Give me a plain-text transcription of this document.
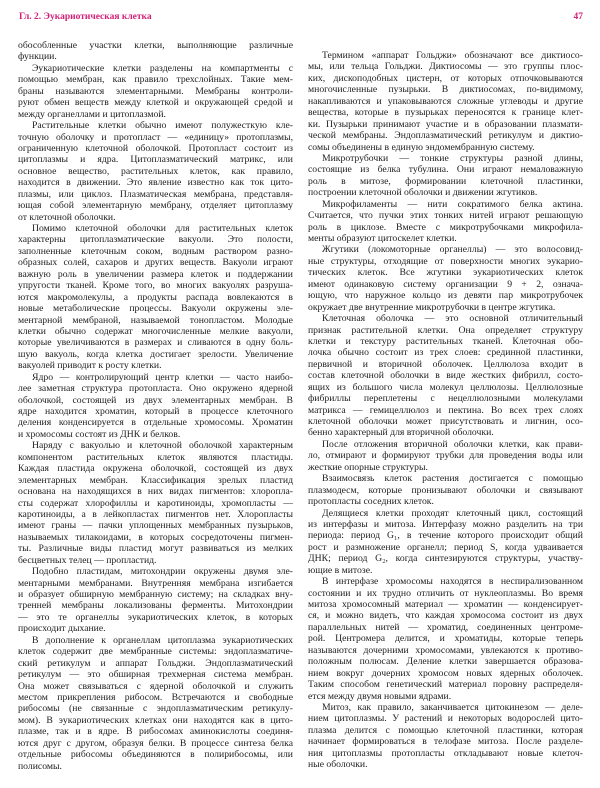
Гл. 2. Эукариотическая клетка	47
обособленные участки клетки, выполняющие различные
функции.
Эукариотические клетки разделены на компартменты с
помощью мембран, как правило трехслойных. Такие мем-
браны называются элементарными. Мембраны контроли-
руют обмен веществ между клеткой и окружающей средой и
между органеллами и цитоплазмой.
Растительные клетки обычно имеют полужесткую кле-
точную оболочку и протопласт — «единицу» протоплазмы,
ограниченную клеточной оболочкой. Протопласт состоит из
цитоплазмы и ядра. Цитоплазматический матрикс, или
основное вещество, растительных клеток, как правило,
находится в движении. Это явление известно как ток цито-
плазмы, или циклоз. Плазматическая мембрана, представля-
ющая собой элементарную мембрану, отделяет цитоплазму
от клеточной оболочки.
Помимо клеточной оболочки для растительных клеток
характерны цитоплазматические вакуоли. Это полости,
заполненные клеточным соком, водным раствором разно-
образных солей, сахаров и других веществ. Вакуоли играют
важную роль в увеличении размера клеток и поддержании
упругости тканей. Кроме того, во многих вакуолях разруша-
ются макромолекулы, а продукты распада вовлекаются в
новые метаболические процессы. Вакуоли окружены эле-
ментарной мембраной, называемой тонопластом. Молодые
клетки обычно содержат многочисленные мелкие вакуоли,
которые увеличиваются в размерах и сливаются в одну боль-
шую вакуоль, когда клетка достигает зрелости. Увеличение
вакуолей приводит к росту клетки.
Ядро — контролирующий центр клетки — часто наибо-
лее заметная структура протопласта. Оно окружено ядерной
оболочкой, состоящей из двух элементарных мембран. В
ядре находится хроматин, который в процессе клеточного
деления конденсируется в отдельные хромосомы. Хроматин
и хромосомы состоят из ДНК и белков.
Наряду с вакуолью и клеточной оболочкой характерным
компонентом растительных клеток являются пластиды.
Каждая пластида окружена оболочкой, состоящей из двух
элементарных мембран. Классификация зрелых пластид
основана на находящихся в них видах пигментов: хлоропла-
сты содержат хлорофиллы и каротиноиды, хромопласты —
каротиноиды, а в лейкопластах пигментов нет. Хлоропласты
имеют граны — пачки уплощенных мембранных пузырьков,
называемых тилакоидами, в которых сосредоточены пигмен-
ты. Различные виды пластид могут развиваться из мелких
бесцветных телец — пропластид.
Подобно пластидам, митохондрии окружены двумя эле-
ментарными мембранами. Внутренняя мембрана изгибается
и образует обширную мембранную систему; на складках вну-
тренней мембраны локализованы ферменты. Митохондрии
— это те органеллы эукариотических клеток, в которых
происходит дыхание.
В дополнение к органеллам цитоплазма эукариотических
клеток содержит две мембранные системы: эндоплазматиче-
ский ретикулум и аппарат Гольджи. Эндоплазматический
ретикулум — это обширная трехмерная система мембран.
Она может связываться с ядерной оболочкой и служить
местом прикрепления рибосом. Встречаются и свободные
рибосомы (не связанные с эндоплазматическим ретикулу-
мом). В эукариотических клетках они находятся как в цито-
плазме, так и в ядре. В рибосомах аминокислоты соединя-
ются друг с другом, образуя белки. В процессе синтеза белка
отдельные рибосомы объединяются в полирибосомы, или
полисомы.
Термином «аппарат Гольджи» обозначают все диктиосо-
мы, или тельца Гольджи. Диктиосомы — это группы плос-
ких, дископодобных цистерн, от которых отпочковываются
многочисленные пузырьки. В диктиосомах, по-видимому,
накапливаются и упаковываются сложные углеводы и другие
вещества, которые в пузырьках переносятся к границе клет-
ки. Пузырьки принимают участие и в образовании плазмати-
ческой мембраны. Эндоплазматический ретикулум и диктио-
сомы объединены в единую эндомембранную систему.
Микротрубочки — тонкие структуры разной длины,
состоящие из белка тубулина. Они играют немаловажную
роль в митозе, формировании клеточной пластинки,
построении клеточной оболочки и движении жгутиков.
Микрофиламенты — нити сократимого белка актина.
Считается, что пучки этих тонких нитей играют решающую
роль в циклозе. Вместе с микротрубочками микрофила-
менты образуют цитоскелет клетки.
Жгутики (локомоторные органеллы) — это волосовид-
ные структуры, отходящие от поверхности многих эукарио-
тических клеток. Все жгутики эукариотических клеток
имеют одинаковую систему организации 9 + 2, означа-
ющую, что наружное кольцо из девяти пар микротрубочек
окружает две внутренние микротрубочки в центре жгутика.
Клеточная оболочка — это основной отличительный
признак растительной клетки. Она определяет структуру
клетки и текстуру растительных тканей. Клеточная обо-
лочка обычно состоит из трех слоев: срединной пластинки,
первичной и вторичной оболочек. Целлюлоза входит в
состав клеточной оболочки в виде жестких фибрилл, состо-
ящих из большого числа молекул целлюлозы. Целлюлозные
фибриллы переплетены с нецеллюлозными молекулами
матрикса — гемицеллюлоз и пектина. Во всех трех слоях
клеточной оболочки может присутствовать и лигнин, осо-
бенно характерный для вторичной оболочки.
После отложения вторичной оболочки клетки, как прави-
ло, отмирают и формируют трубки для проведения воды или
жесткие опорные структуры.
Взаимосвязь клеток растения достигается с помощью
плазмодесм, которые пронизывают оболочки и связывают
протопласты соседних клеток.
Делящиеся клетки проходят клеточный цикл, состоящий
из интерфазы и митоза. Интерфазу можно разделить на три
периода: период G₁, в течение которого происходит общий
рост и размножение органелл; период S, когда удваивается
ДНК; период G₂, когда синтезируются структуры, участву-
ющие в митозе.
В интерфазе хромосомы находятся в неспирализованном
состоянии и их трудно отличить от нуклеоплазмы. Во время
митоза хромосомный материал — хроматин — конденсирует-
ся, и можно видеть, что каждая хромосома состоит из двух
параллельных нитей — хроматид, соединенных центроме-
рой. Центромера делится, и хроматиды, которые теперь
называются дочерними хромосомами, увлекаются к противо-
положным полюсам. Деление клетки завершается образова-
нием вокруг дочерних хромосом новых ядерных оболочек.
Таким способом генетический материал поровну распределя-
ется между двумя новыми ядрами.
Митоз, как правило, заканчивается цитокинезом — деле-
нием цитоплазмы. У растений и некоторых водорослей цито-
плазма делится с помощью клеточной пластинки, которая
начинает формироваться в телофазе митоза. После разделе-
ния цитоплазмы протопласты откладывают новые клеточ-
ные оболочки.
